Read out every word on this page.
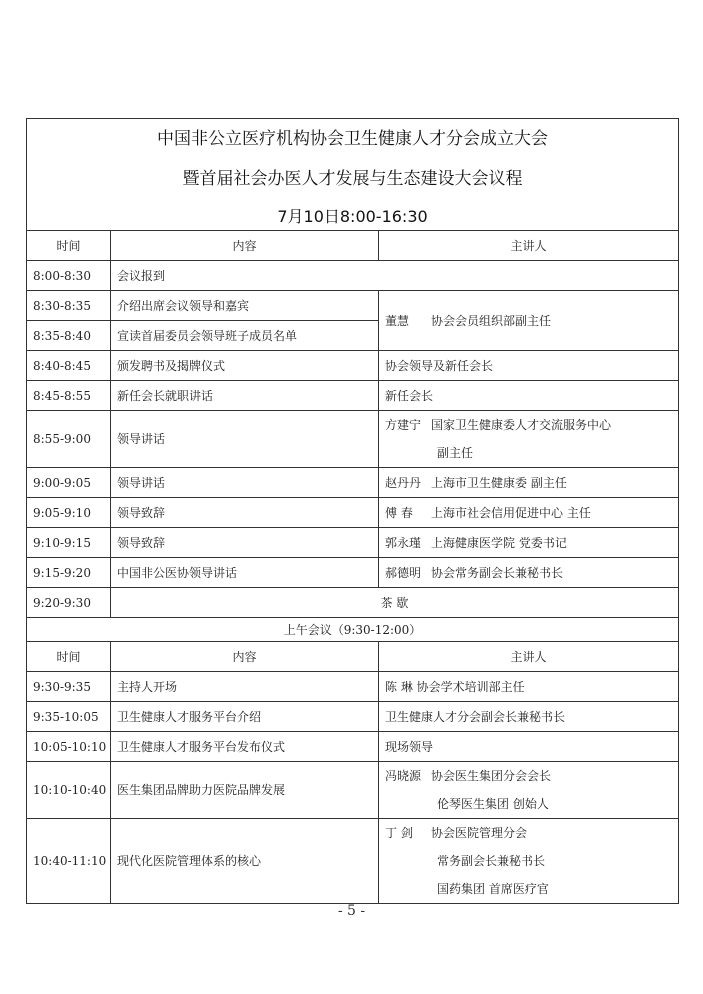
中国非公立医疗机构协会卫生健康人才分会成立大会
暨首届社会办医人才发展与生态建设大会议程
7月10日8:00-16:30		

时间	内容	主讲人
8:00-8:30	会议报到	
8:30-8:35	介绍出席会议领导和嘉宾	董慧 协会会员组织部副主任
8:35-8:40	宣读首届委员会领导班子成员名单	
8:40-8:45	颁发聘书及揭牌仪式	协会领导及新任会长
8:45-8:55	新任会长就职讲话	新任会长
8:55-9:00	领导讲话	方建宁 国家卫生健康委人才交流服务中心
副主任

9:00-9:05	领导讲话	赵丹丹 上海市卫生健康委 副主任
9:05-9:10	领导致辞	傅 春 上海市社会信用促进中心 主任
9:10-9:15	领导致辞	郭永瑾 上海健康医学院 党委书记
9:15-9:20	中国非公医协领导讲话	郝德明 协会常务副会长兼秘书长
9:20-9:30	茶 歇	
上午会议（9:30-12:00）		
时间	内容	主讲人
9:30-9:35	主持人开场	陈 琳 协会学术培训部主任
9:35-10:05	卫生健康人才服务平台介绍	卫生健康人才分会副会长兼秘书长
10:05-10:10	卫生健康人才服务平台发布仪式	现场领导
10:10-10:40	医生集团品牌助力医院品牌发展	冯晓源 协会医生集团分会会长
伦琴医生集团 创始人

10:40-11:10	现代化医院管理体系的核心	丁 剑 协会医院管理分会
常务副会长兼秘书长
国药集团 首席医疗官
- 5 -
